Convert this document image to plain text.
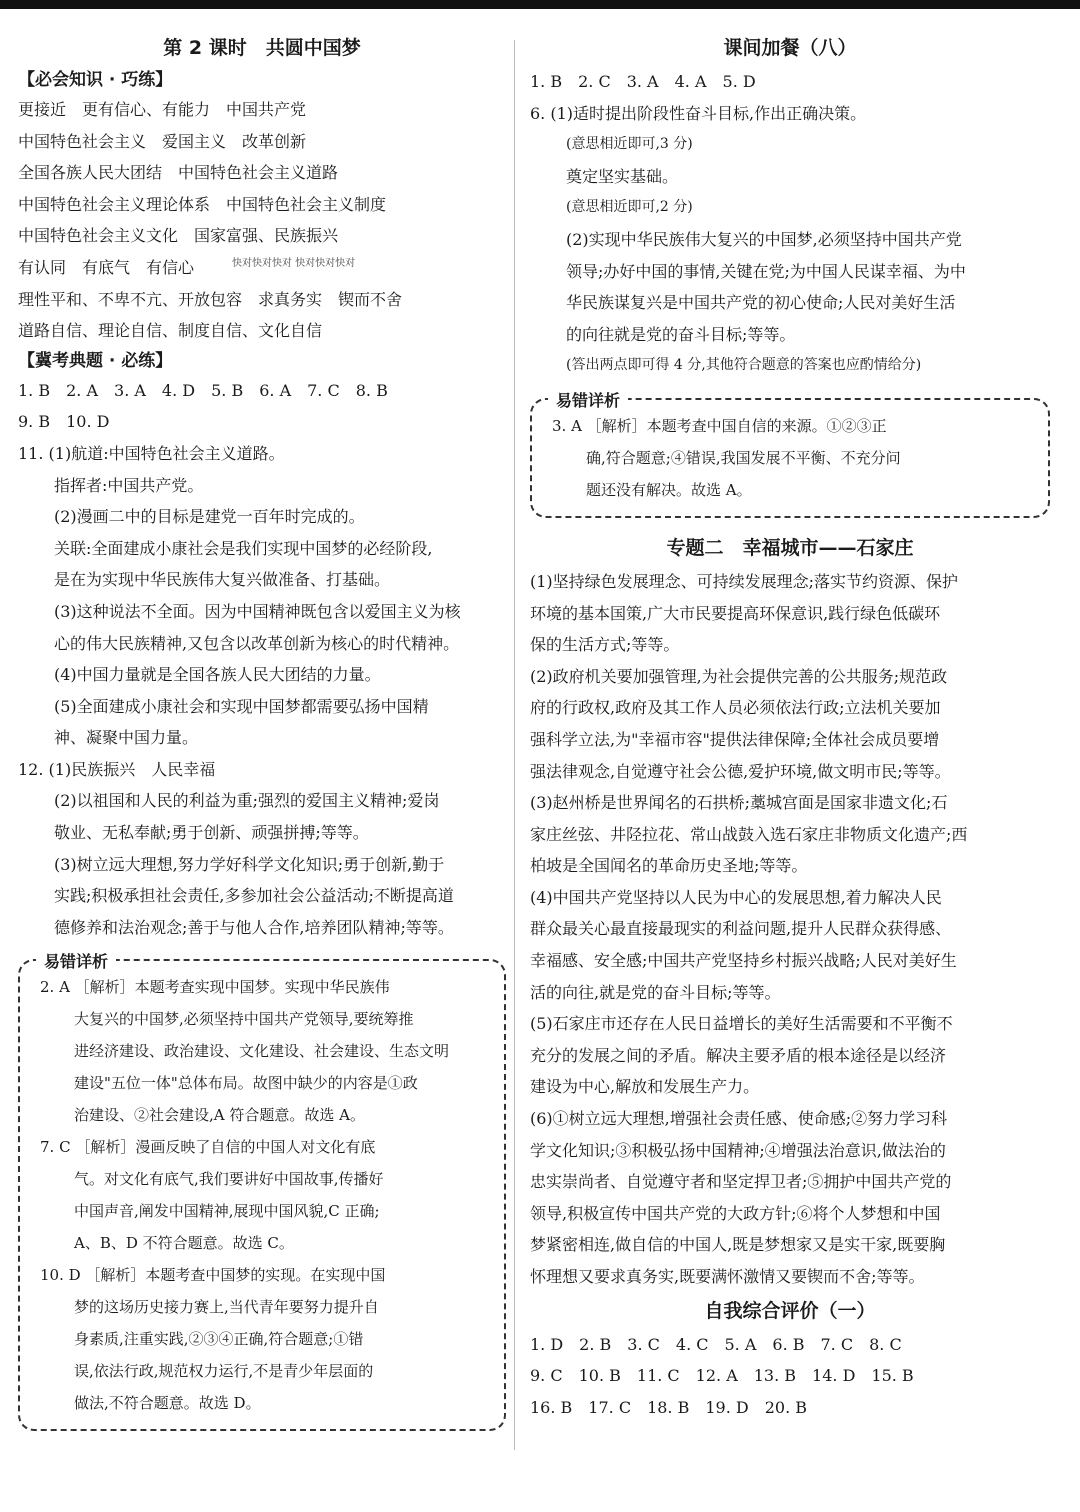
第 2 课时　共圆中国梦
【必会知识 · 巧练】
更接近　更有信心、有能力　中国共产党
中国特色社会主义　爱国主义　改革创新
全国各族人民大团结　中国特色社会主义道路
中国特色社会主义理论体系　中国特色社会主义制度
中国特色社会主义文化　国家富强、民族振兴
有认同　有底气　有信心
理性平和、不卑不亢、开放包容　求真务实　锲而不舍
道路自信、理论自信、制度自信、文化自信
【冀考典题 · 必练】
1. B　2. A　3. A　4. D　5. B　6. A　7. C　8. B
9. B　10. D
11. (1)航道:中国特色社会主义道路。
指挥者:中国共产党。
(2)漫画二中的目标是建党一百年时完成的。
关联:全面建成小康社会是我们实现中国梦的必经阶段,
是在为实现中华民族伟大复兴做准备、打基础。
(3)这种说法不全面。因为中国精神既包含以爱国主义为核
心的伟大民族精神,又包含以改革创新为核心的时代精神。
(4)中国力量就是全国各族人民大团结的力量。
(5)全面建成小康社会和实现中国梦都需要弘扬中国精
神、凝聚中国力量。
12. (1)民族振兴　人民幸福
(2)以祖国和人民的利益为重;强烈的爱国主义精神;爱岗
敬业、无私奉献;勇于创新、顽强拼搏;等等。
(3)树立远大理想,努力学好科学文化知识;勇于创新,勤于
实践;积极承担社会责任,多参加社会公益活动;不断提高道
德修养和法治观念;善于与他人合作,培养团队精神;等等。
易错详析
2. A ［解析］本题考查实现中国梦。实现中华民族伟
大复兴的中国梦,必须坚持中国共产党领导,要统筹推
进经济建设、政治建设、文化建设、社会建设、生态文明
建设"五位一体"总体布局。故图中缺少的内容是①政
治建设、②社会建设,A 符合题意。故选 A。
7. C ［解析］漫画反映了自信的中国人对文化有底
气。对文化有底气,我们要讲好中国故事,传播好
中国声音,阐发中国精神,展现中国风貌,C 正确;
A、B、D 不符合题意。故选 C。
10. D ［解析］本题考查中国梦的实现。在实现中国
梦的这场历史接力赛上,当代青年要努力提升自
身素质,注重实践,②③④正确,符合题意;①错
误,依法行政,规范权力运行,不是青少年层面的
做法,不符合题意。故选 D。
快对快对快对 快对快对快对
课间加餐（八）
1. B　2. C　3. A　4. A　5. D
6. (1)适时提出阶段性奋斗目标,作出正确决策。
(意思相近即可,3 分)
奠定坚实基础。
(意思相近即可,2 分)
(2)实现中华民族伟大复兴的中国梦,必须坚持中国共产党
领导;办好中国的事情,关键在党;为中国人民谋幸福、为中
华民族谋复兴是中国共产党的初心使命;人民对美好生活
的向往就是党的奋斗目标;等等。
(答出两点即可得 4 分,其他符合题意的答案也应酌情给分)
易错详析
3. A ［解析］本题考查中国自信的来源。①②③正
确,符合题意;④错误,我国发展不平衡、不充分问
题还没有解决。故选 A。
专题二　幸福城市——石家庄
(1)坚持绿色发展理念、可持续发展理念;落实节约资源、保护
环境的基本国策,广大市民要提高环保意识,践行绿色低碳环
保的生活方式;等等。
(2)政府机关要加强管理,为社会提供完善的公共服务;规范政
府的行政权,政府及其工作人员必须依法行政;立法机关要加
强科学立法,为"幸福市容"提供法律保障;全体社会成员要增
强法律观念,自觉遵守社会公德,爱护环境,做文明市民;等等。
(3)赵州桥是世界闻名的石拱桥;藁城宫面是国家非遗文化;石
家庄丝弦、井陉拉花、常山战鼓入选石家庄非物质文化遗产;西
柏坡是全国闻名的革命历史圣地;等等。
(4)中国共产党坚持以人民为中心的发展思想,着力解决人民
群众最关心最直接最现实的利益问题,提升人民群众获得感、
幸福感、安全感;中国共产党坚持乡村振兴战略;人民对美好生
活的向往,就是党的奋斗目标;等等。
(5)石家庄市还存在人民日益增长的美好生活需要和不平衡不
充分的发展之间的矛盾。解决主要矛盾的根本途径是以经济
建设为中心,解放和发展生产力。
(6)①树立远大理想,增强社会责任感、使命感;②努力学习科
学文化知识;③积极弘扬中国精神;④增强法治意识,做法治的
忠实崇尚者、自觉遵守者和坚定捍卫者;⑤拥护中国共产党的
领导,积极宣传中国共产党的大政方针;⑥将个人梦想和中国
梦紧密相连,做自信的中国人,既是梦想家又是实干家,既要胸
怀理想又要求真务实,既要满怀激情又要锲而不舍;等等。
自我综合评价（一）
1. D　2. B　3. C　4. C　5. A　6. B　7. C　8. C
9. C　10. B　11. C　12. A　13. B　14. D　15. B
16. B　17. C　18. B　19. D　20. B
